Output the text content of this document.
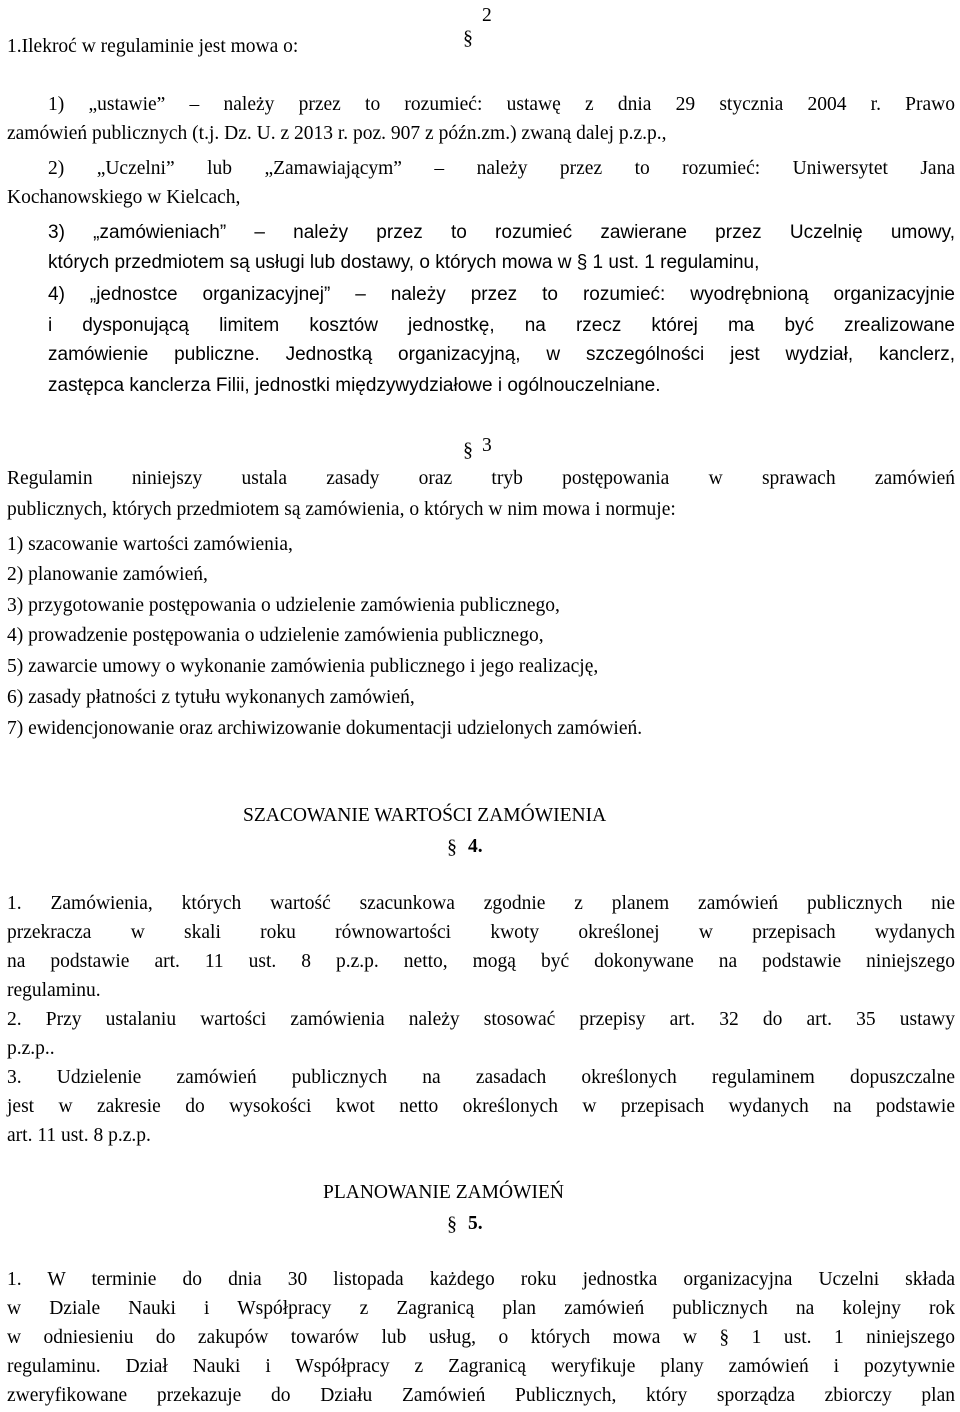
1.Ilekroć w regulaminie jest mowa o:	§
2
1) „ustawie” – należy przez to rozumieć: ustawę z dnia 29 stycznia 2004 r. Prawo
zamówień publicznych (t.j. Dz. U. z 2013 r. poz. 907 z późn.zm.) zwaną dalej p.z.p.,
2) „Uczelni” lub „Zamawiającym” – należy przez to rozumieć: Uniwersytet Jana
Kochanowskiego w Kielcach,
3) „zamówieniach” – należy przez to rozumieć zawierane przez Uczelnię umowy,
których przedmiotem są usługi lub dostawy, o których mowa w § 1 ust. 1 regulaminu,
4) „jednostce organizacyjnej” – należy przez to rozumieć: wyodrębnioną organizacyjnie
i dysponującą limitem kosztów jednostkę, na rzecz której ma być zrealizowane
zamówienie publiczne. Jednostką organizacyjną, w szczególności jest wydział, kanclerz,
zastępca kanclerza Filii, jednostki międzywydziałowe i ogólnouczelniane.
§ 3
Regulamin niniejszy ustala zasady oraz tryb postępowania w sprawach zamówień
publicznych, których przedmiotem są zamówienia, o których w nim mowa i normuje:
1) szacowanie wartości zamówienia,
2) planowanie zamówień,
3) przygotowanie postępowania o udzielenie zamówienia publicznego,
4) prowadzenie postępowania o udzielenie zamówienia publicznego,
5) zawarcie umowy o wykonanie zamówienia publicznego i jego realizację,
6) zasady płatności z tytułu wykonanych zamówień,
7) ewidencjonowanie oraz archiwizowanie dokumentacji udzielonych zamówień.
SZACOWANIE WARTOŚCI ZAMÓWIENIA
§ 4.
1. Zamówienia, których wartość szacunkowa zgodnie z planem zamówień publicznych nie
przekracza w skali roku równowartości kwoty określonej w przepisach wydanych
na podstawie art. 11 ust. 8 p.z.p. netto, mogą być dokonywane na podstawie niniejszego
regulaminu.
2. Przy ustalaniu wartości zamówienia należy stosować przepisy art. 32 do art. 35 ustawy
p.z.p..
3. Udzielenie zamówień publicznych na zasadach określonych regulaminem dopuszczalne
jest w zakresie do wysokości kwot netto określonych w przepisach wydanych na podstawie
art. 11 ust. 8 p.z.p.
PLANOWANIE ZAMÓWIEŃ
§ 5.
1. W terminie do dnia 30 listopada każdego roku jednostka organizacyjna Uczelni składa
w Dziale Nauki i Współpracy z Zagranicą plan zamówień publicznych na kolejny rok
w odniesieniu do zakupów towarów lub usług, o których mowa w § 1 ust. 1 niniejszego
regulaminu. Dział Nauki i Współpracy z Zagranicą weryfikuje plany zamówień i pozytywnie
zweryfikowane przekazuje do Działu Zamówień Publicznych, który sporządza zbiorczy plan
